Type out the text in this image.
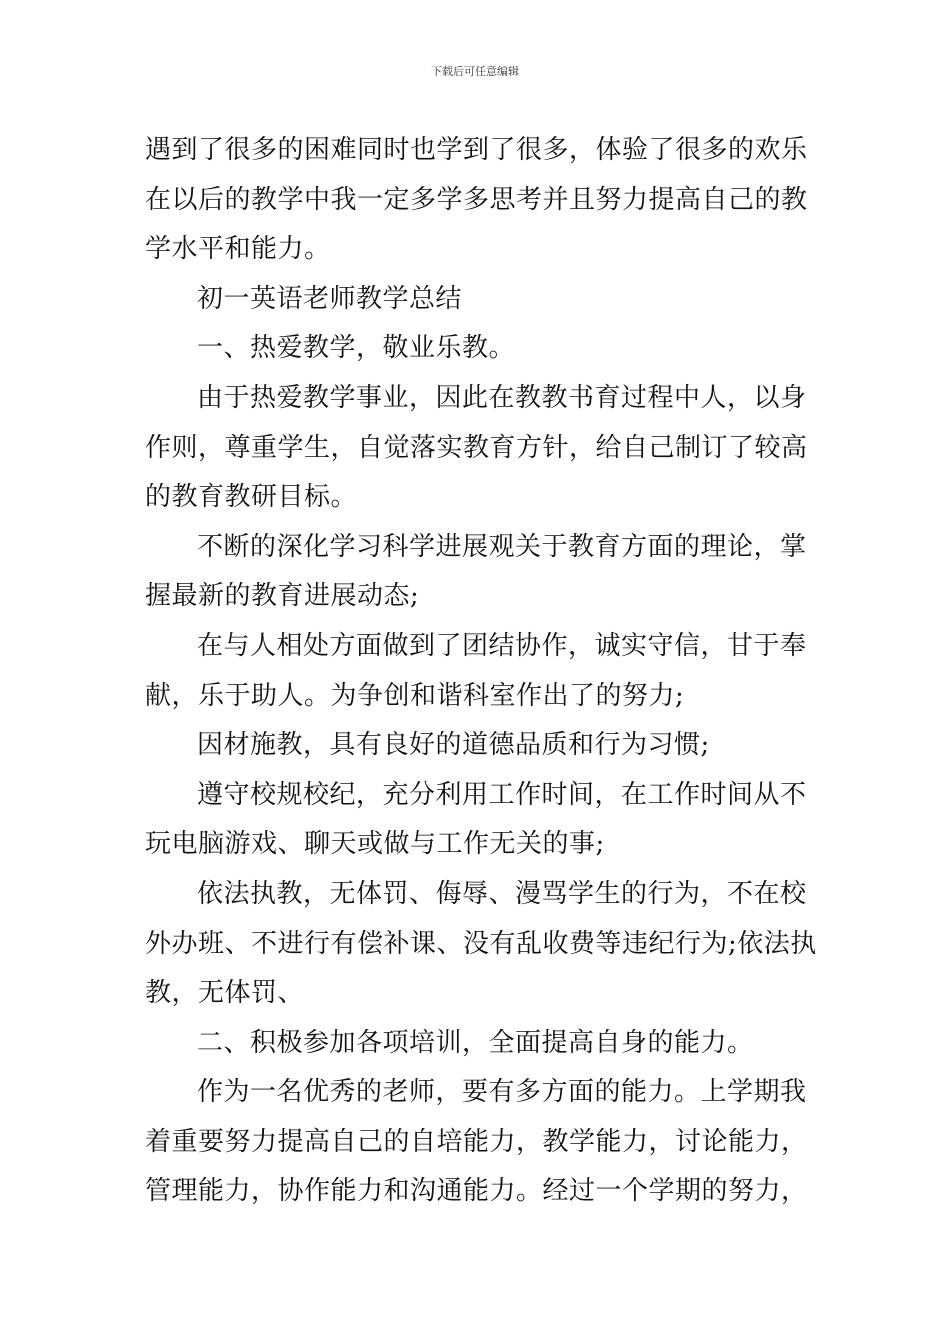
下载后可任意编辑
遇到了很多的困难同时也学到了很多，体验了很多的欢乐
在以后的教学中我一定多学多思考并且努力提高自己的教
学水平和能力。
初一英语老师教学总结
一、热爱教学，敬业乐教。
由于热爱教学事业，因此在教教书育过程中人，以身
作则，尊重学生，自觉落实教育方针，给自己制订了较高
的教育教研目标。
不断的深化学习科学进展观关于教育方面的理论，掌
握最新的教育进展动态;
在与人相处方面做到了团结协作，诚实守信，甘于奉
献，乐于助人。为争创和谐科室作出了的努力;
因材施教，具有良好的道德品质和行为习惯;
遵守校规校纪，充分利用工作时间，在工作时间从不
玩电脑游戏、聊天或做与工作无关的事;
依法执教，无体罚、侮辱、漫骂学生的行为，不在校
外办班、不进行有偿补课、没有乱收费等违纪行为;依法执
教，无体罚、
二、积极参加各项培训，全面提高自身的能力。
作为一名优秀的老师，要有多方面的能力。上学期我
着重要努力提高自己的自培能力，教学能力，讨论能力，
管理能力，协作能力和沟通能力。经过一个学期的努力，
